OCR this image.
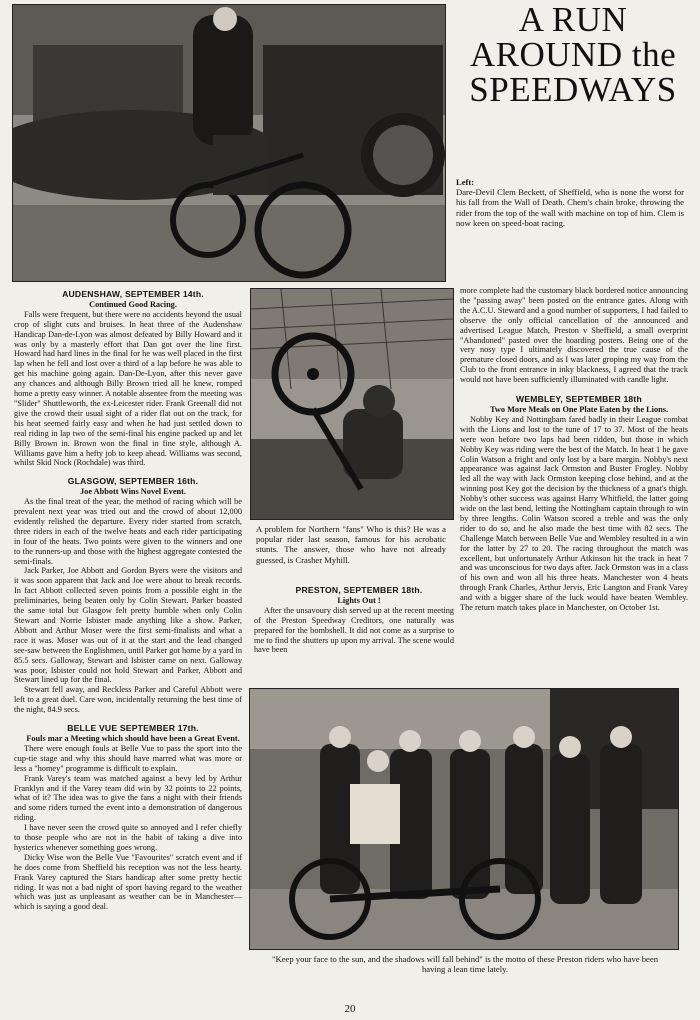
A RUN
AROUND the
SPEEDWAYS
Left:
Dare-Devil Clem Beckett, of Sheffield, who is none the worst for his fall from the Wall of Death. Chem's chain broke, throwing the rider from the top of the wall with machine on top of him. Clem is now keen on speed-boat racing.
A problem for Northern "fans" Who is this? He was a popular rider last season, famous for his acrobatic stunts. The answer, those who have not already guessed, is Crasher Myhill.

AUDENSHAW, SEPTEMBER 14th.

Continued Good Racing.

Falls were frequent, but there were no accidents beyond the usual crop of slight cuts and bruises. In heat three of the Audenshaw Handicap Dan-de-Lyon was almost defeated by Billy Howard and it was only by a masterly effort that Dan got over the line first. Howard had hard lines in the final for he was well placed in the first lap when he fell and lost over a third of a lap before he was able to get his machine going again. Dan-De-Lyon, after this never gave any chances and although Billy Brown tried all he knew, romped home a pretty easy winner. A notable absentee from the meeting was "Slider" Shuttleworth, the ex-Leicester rider. Frank Greenall did not give the crowd their usual sight of a rider flat out on the track, for his heat seemed fairly easy and when he had just settled down to real riding in lap two of the semi-final his engine packed up and let Billy Brown in. Brown won the final in fine style, although A. Williams gave him a hefty job to keep ahead. Williams was second, whilst Skid Nock (Rochdale) was third.

GLASGOW, SEPTEMBER 16th.

Joe Abbott Wins Novel Event.

As the final treat of the year, the method of racing which will be prevalent next year was tried out and the crowd of about 12,000 evidently relished the departure. Every rider started from scratch, three riders in each of the twelve heats and each rider participating in four of the heats. Two points were given to the winners and one to the runners-up and those with the highest aggregate contested the semi-finals.

Jack Parker, Joe Abbott and Gordon Byers were the visitors and it was soon apparent that Jack and Joe were about to break records. In fact Abbott collected seven points from a possible eight in the preliminaries, being beaten only by Colin Stewart. Parker boasted the same total but Glasgow felt pretty humble when only Colin Stewart and Norrie Isbister made anything like a show. Parker, Abbott and Arthur Moser were the first semi-finalists and what a race it was. Moser was out of it at the start and the lead changed see-saw between the Englishmen, until Parker got home by a yard in 85.5 secs. Galloway, Stewart and Isbister came on next. Galloway was poor, Isbister could not hold Stewart and Parker, Abbott and Stewart lined up for the final.

Stewart fell away, and Reckless Parker and Careful Abbott were left to a great duel. Care won, incidentally returning the best time of the night, 84.9 secs.

BELLE VUE SEPTEMBER 17th.

Fouls mar a Meeting which should have been a Great Event.

There were enough fouls at Belle Vue to pass the sport into the cup-tie stage and why this should have marred what was more or less a "homey" programme is difficult to explain.

Frank Varey's team was matched against a bevy led by Arthur Franklyn and if the Varey team did win by 32 points to 22 points, what of it? The idea was to give the fans a night with their friends and some riders turned the event into a demonstration of dangerous riding.

I have never seen the crowd quite so annoyed and I refer chiefly to those people who are not in the habit of taking a dive into hysterics whenever something goes wrong.

Dicky Wise won the Belle Vue "Favourites" scratch event and if he does come from Sheffield his reception was not the less hearty. Frank Varey captured the Stars handicap after some pretty hectic riding. It was not a bad night of sport having regard to the weather which was just as unpleasant as weather can be in Manchester—which is saying a good deal.

PRESTON, SEPTEMBER 18th.

Lights Out !

After the unsavoury dish served up at the recent meeting of the Preston Speedway Creditors, one naturally was prepared for the bombshell. It did not come as a surprise to me to find the shutters up upon my arrival. The scene would have been

more complete had the customary black bordered notice announcing the "passing away" been posted on the entrance gates. Along with the A.C.U. Steward and a good number of supporters, I had failed to observe the only official cancellation of the announced and advertised League Match, Preston v Sheffield, a small overprint "Abandoned" pasted over the hoarding posters. Being one of the very nosy type I ultimately discovered the true cause of the premature closed doors, and as I was later groping my way from the Club to the front entrance in inky blackness, I agreed that the track would not have been sufficiently illuminated with candle light.

WEMBLEY, SEPTEMBER 18th

Two More Meals on One Plate Eaten by the Lions.

Nobby Key and Nottingham fared badly in their League combat with the Lions and lost to the tune of 17 to 37. Most of the heats were won before two laps had been ridden, but those in which Nobby Key was riding were the best of the Match. In heat 1 he gave Colin Watson a fright and only lost by a bare margin. Nobby's next appearance was against Jack Ormston and Buster Frogley. Nobby led all the way with Jack Ormston keeping close behind, and at the winning post Key got the decision by the thickness of a gnat's thigh. Nobby's other success was against Harry Whitfield, the latter going wide on the last bend, letting the Nottingham captain through to win by three lengths. Colin Watson scored a treble and was the only rider to do so, and he also made the best time with 82 secs. The Challenge Match between Belle Vue and Wembley resulted in a win for the latter by 27 to 20. The racing throughout the match was excellent, but unfortunately Arthur Atkinson hit the track in heat 7 and was unconscious for two days after. Jack Ormston was in a class of his own and won all his three heats. Manchester won 4 heats through Frank Charles, Arthur Jervis, Eric Langton and Frank Varey and with a bigger share of the luck would have beaten Wembley. The return match takes place in Manchester, on October 1st.

"Keep your face to the sun, and the shadows will fall behind" is the motto of these Preston riders who have been having a lean time lately.
20
